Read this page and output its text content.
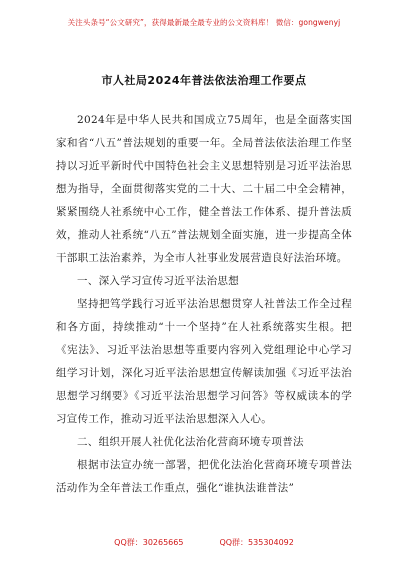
关注头条号“公文研究”，获得最新最全最专业的公文资料库！ 微信：gongwenyj
市人社局2024年普法依法治理工作要点

2024年是中华人民共和国成立75周年，也是全面落实国家和省“八五”普法规划的重要一年。全局普法依法治理工作坚持以习近平新时代中国特色社会主义思想特别是习近平法治思想为指导，全面贯彻落实党的二十大、二十届二中全会精神，紧紧围绕人社系统中心工作，健全普法工作体系、提升普法质效，推动人社系统“八五”普法规划全面实施，进一步提高全体干部职工法治素养，为全市人社事业发展营造良好法治环境。

一、深入学习宣传习近平法治思想

坚持把笃学践行习近平法治思想贯穿人社普法工作全过程和各方面，持续推动“十一个坚持”在人社系统落实生根。把《宪法》、习近平法治思想等重要内容列入党组理论中心学习组学习计划，深化习近平法治思想宣传解读加强《习近平法治思想学习纲要》《习近平法治思想学习问答》等权威读本的学习宣传工作，推动习近平法治思想深入人心。

二、组织开展人社优化法治化营商环境专项普法

根据市法宣办统一部署，把优化法治化营商环境专项普法活动作为全年普法工作重点，强化“谁执法谁普法”

QQ群：30265665	QQ群：535304092
